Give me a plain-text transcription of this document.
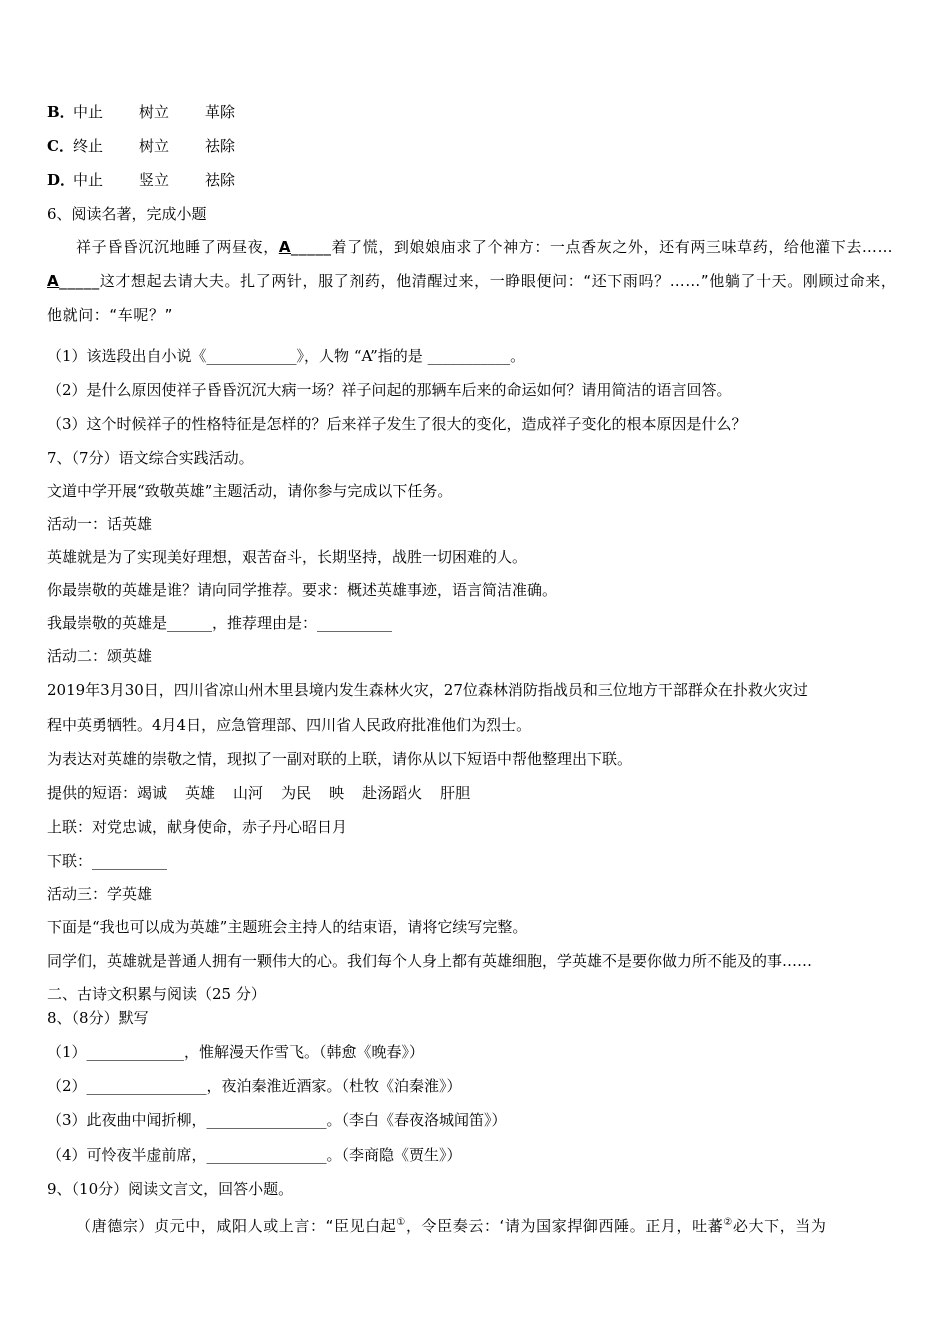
B．中止 树立 革除
C．终止 树立 祛除
D．中止 竖立 祛除
6、阅读名著，完成小题
祥子昏昏沉沉地睡了两昼夜，A_____着了慌，到娘娘庙求了个神方：一点香灰之外，还有两三味草药，给他灌下去……A_____这才想起去请大夫。扎了两针，服了剂药，他清醒过来，一睁眼便问：“还下雨吗？……”他躺了十天。刚顾过命来，他就问：“车呢？”
（1）该选段出自小说《____________》，人物 “A”指的是 ___________。
（2）是什么原因使祥子昏昏沉沉大病一场？祥子问起的那辆车后来的命运如何？请用简洁的语言回答。
（3）这个时候祥子的性格特征是怎样的？后来祥子发生了很大的变化，造成祥子变化的根本原因是什么？
7、（7分）语文综合实践活动。
文道中学开展“致敬英雄”主题活动，请你参与完成以下任务。
活动一：话英雄
英雄就是为了实现美好理想，艰苦奋斗，长期坚持，战胜一切困难的人。
你最崇敬的英雄是谁？请向同学推荐。要求：概述英雄事迹，语言简洁准确。
我最崇敬的英雄是______，推荐理由是：__________
活动二：颂英雄
2019年3月30日，四川省凉山州木里县境内发生森林火灾，27位森林消防指战员和三位地方干部群众在扑救火灾过
程中英勇牺牲。4月4日，应急管理部、四川省人民政府批准他们为烈士。
为表达对英雄的崇敬之情，现拟了一副对联的上联，请你从以下短语中帮他整理出下联。
提供的短语：竭诚 英雄 山河 为民 映 赴汤蹈火 肝胆
上联：对党忠诚，献身使命，赤子丹心昭日月
下联：__________
活动三：学英雄
下面是“我也可以成为英雄”主题班会主持人的结束语，请将它续写完整。
同学们，英雄就是普通人拥有一颗伟大的心。我们每个人身上都有英雄细胞，学英雄不是要你做力所不能及的事……
二、古诗文积累与阅读（25 分）
8、（8分）默写
（1）_____________，惟解漫天作雪飞。（韩愈《晚春》）
（2）________________，夜泊秦淮近酒家。（杜牧《泊秦淮》）
（3）此夜曲中闻折柳，________________。（李白《春夜洛城闻笛》）
（4）可怜夜半虚前席，________________。（李商隐《贾生》）
9、（10分）阅读文言文，回答小题。
（唐德宗）贞元中，咸阳人或上言：“臣见白起①，令臣奏云：‘请为国家捍御西陲。正月，吐蕃②必大下，当为
